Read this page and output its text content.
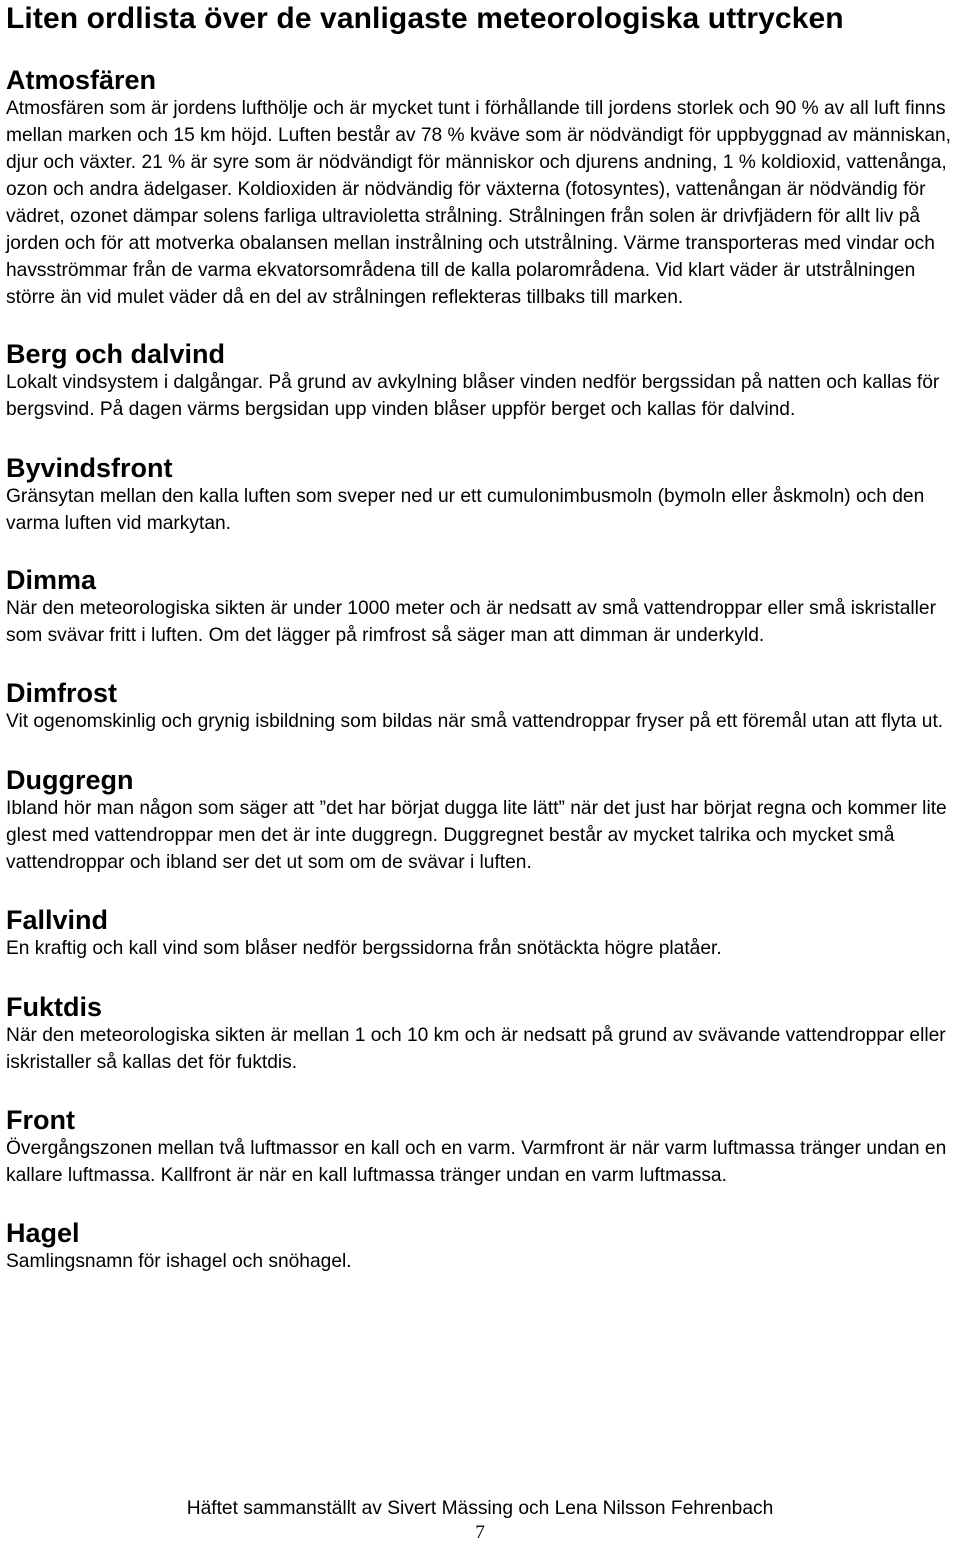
Liten ordlista över de vanligaste meteorologiska uttrycken
Atmosfären

Atmosfären som är jordens lufthölje och är mycket tunt i förhållande till jordens storlek och 90 % av all luft finns mellan marken och 15 km höjd. Luften består av 78 % kväve som är nödvändigt för uppbyggnad av människan, djur och växter. 21 % är syre som är nödvändigt för människor och djurens andning, 1 % koldioxid, vattenånga, ozon och andra ädelgaser. Koldioxiden är nödvändig för växterna (fotosyntes), vattenångan är nödvändig för vädret, ozonet dämpar solens farliga ultravioletta strålning. Strålningen från solen är drivfjädern för allt liv på jorden och för att motverka obalansen mellan instrålning och utstrålning. Värme transporteras med vindar och havsströmmar från de varma ekvatorsområdena till de kalla polarområdena. Vid klart väder är utstrålningen större än vid mulet väder då en del av strålningen reflekteras tillbaks till marken.

Berg och dalvind

Lokalt vindsystem i dalgångar. På grund av avkylning blåser vinden nedför bergssidan på natten och kallas för bergsvind. På dagen värms bergsidan upp vinden blåser uppför berget och kallas för dalvind.

Byvindsfront

Gränsytan mellan den kalla luften som sveper ned ur ett cumulonimbusmoln (bymoln eller åskmoln) och den varma luften vid markytan.

Dimma

När den meteorologiska sikten är under 1000 meter och är nedsatt av små vattendroppar eller små iskristaller som svävar fritt i luften. Om det lägger på rimfrost så säger man att dimman är underkyld.

Dimfrost

Vit ogenomskinlig och grynig isbildning som bildas när små vattendroppar fryser på ett föremål utan att flyta ut.

Duggregn

Ibland hör man någon som säger att ”det har börjat dugga lite lätt” när det just har börjat regna och kommer lite glest med vattendroppar men det är inte duggregn. Duggregnet består av mycket talrika och mycket små vattendroppar och ibland ser det ut som om de svävar i luften.

Fallvind

En kraftig och kall vind som blåser nedför bergssidorna från snötäckta högre platåer.

Fuktdis

När den meteorologiska sikten är mellan 1 och 10 km och är nedsatt på grund av svävande vattendroppar eller iskristaller så kallas det för fuktdis.

Front

Övergångszonen mellan två luftmassor en kall och en varm. Varmfront är när varm luftmassa tränger undan en kallare luftmassa. Kallfront är när en kall luftmassa tränger undan en varm luftmassa.

Hagel

Samlingsnamn för ishagel och snöhagel.

Häftet sammanställt av Sivert Mässing och Lena Nilsson Fehrenbach
7
